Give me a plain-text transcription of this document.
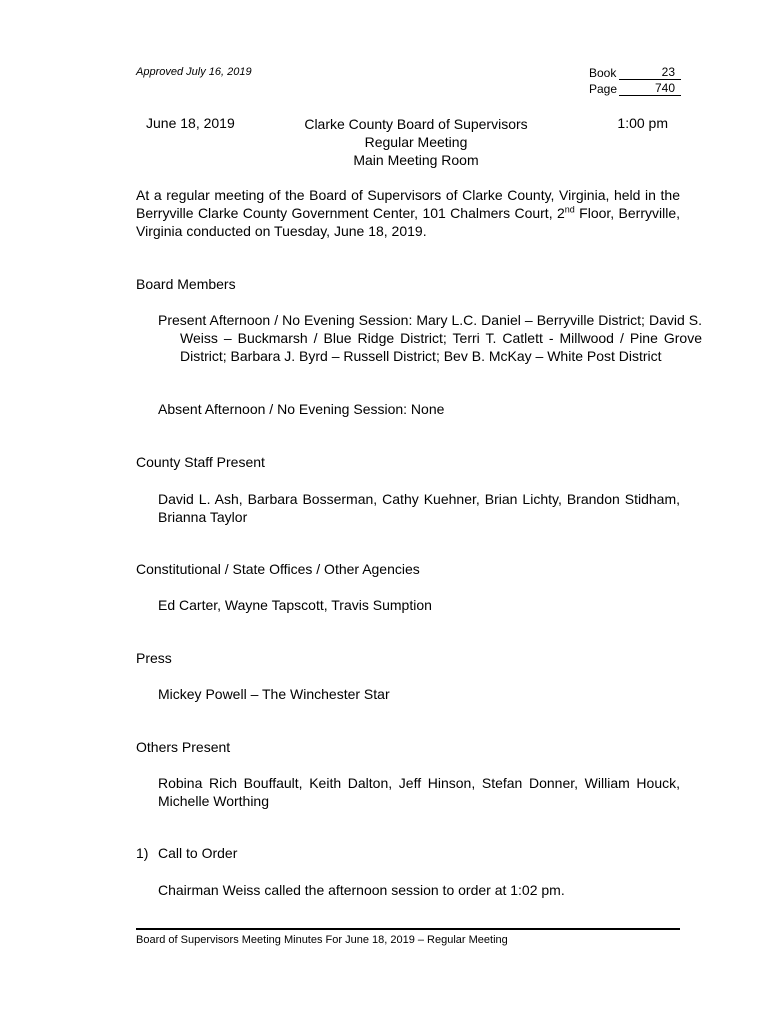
Approved July 16, 2019	Book	23
Page	740
June 18, 2019	Clarke County Board of Supervisors
Regular Meeting
Main Meeting Room
1:00 pm
At a regular meeting of the Board of Supervisors of Clarke County, Virginia, held in the Berryville Clarke County Government Center, 101 Chalmers Court, 2nd Floor, Berryville, Virginia conducted on Tuesday, June 18, 2019.
Board Members
Present Afternoon / No Evening Session: Mary L.C. Daniel – Berryville District; David S. Weiss – Buckmarsh / Blue Ridge District; Terri T. Catlett - Millwood / Pine Grove District; Barbara J. Byrd – Russell District; Bev B. McKay – White Post District
Absent Afternoon / No Evening Session: None
County Staff Present
David L. Ash, Barbara Bosserman, Cathy Kuehner, Brian Lichty, Brandon Stidham, Brianna Taylor
Constitutional / State Offices / Other Agencies
Ed Carter, Wayne Tapscott, Travis Sumption
Press
Mickey Powell – The Winchester Star
Others Present
Robina Rich Bouffault, Keith Dalton, Jeff Hinson, Stefan Donner, William Houck, Michelle Worthing
1) Call to Order
Chairman Weiss called the afternoon session to order at 1:02 pm.
Board of Supervisors Meeting Minutes For June 18, 2019 – Regular Meeting
